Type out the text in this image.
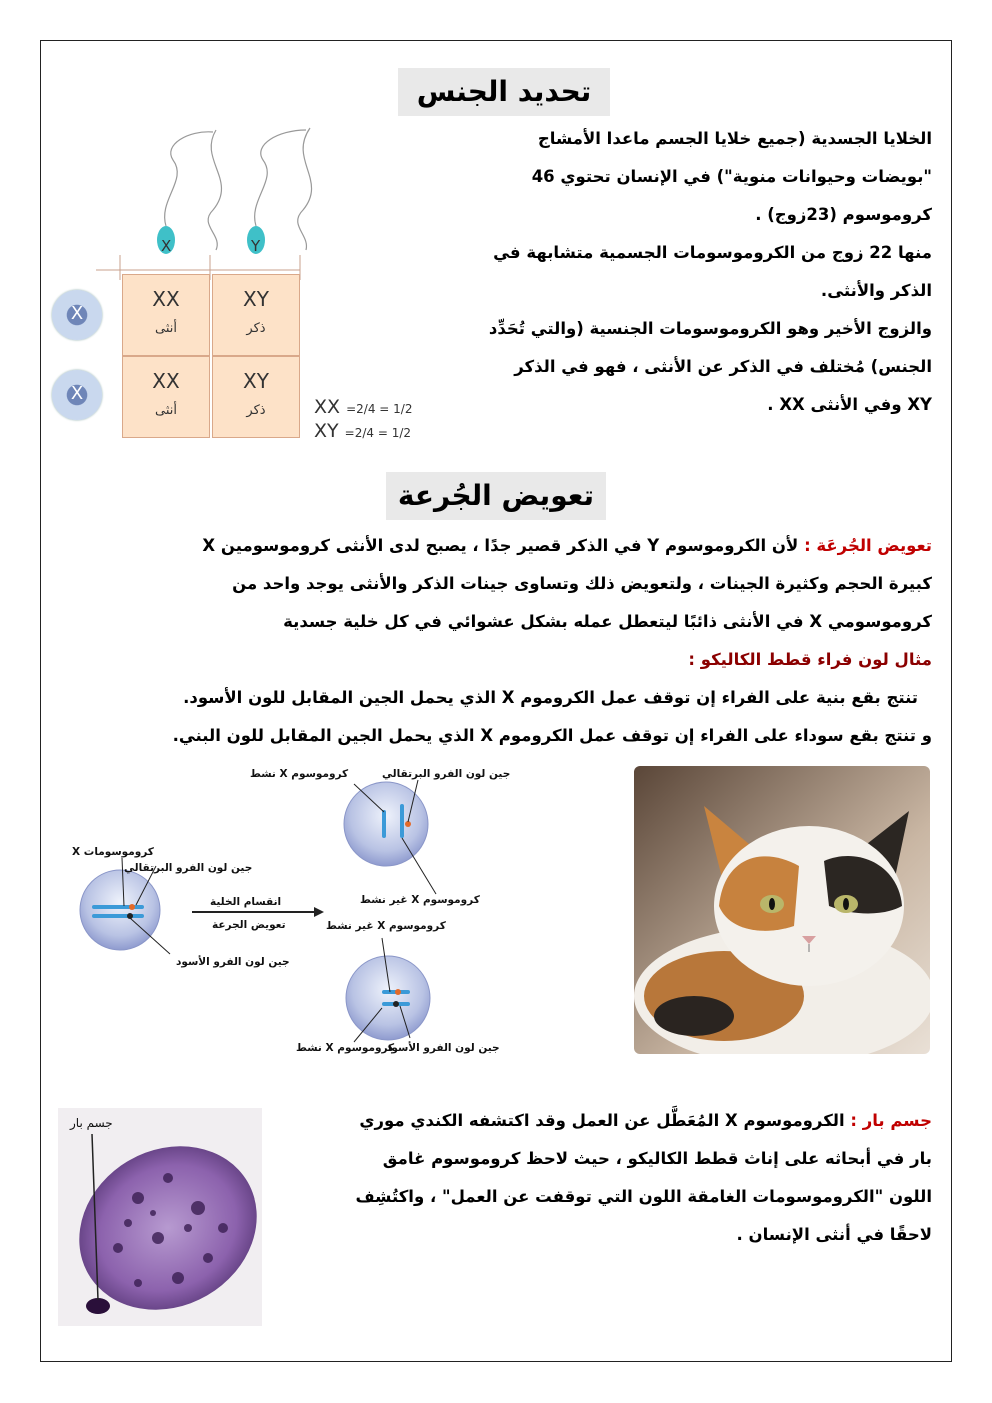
تحديد الجنس

الخلايا الجسدية (جميع خلايا الجسم ماعدا الأمشاج

"بويضات وحيوانات منوية") في الإنسان تحتوي 46

كروموسوم (23زوج) .

منها 22 زوج من الكروموسومات الجسمية متشابهة في

الذكر والأنثى.

والزوج الأخير وهو الكروموسومات الجنسية (والتي تُحَدِّد

الجنس) مُختلف في الذكر عن الأنثى ، فهو في الذكر

XY وفي الأنثى XX .

X	Y
XX
أنثى
XY
ذكر
XX
أنثى
XY
ذكر
X
X
XX =2/4 = 1/2
XY =2/4 = 1/2
تعويض الجُرعة

تعويض الجُرعَة : لأن الكروموسوم Y في الذكر قصير جدًا ، يصبح لدى الأنثى كروموسومين X

كبيرة الحجم وكثيرة الجينات ، ولتعويض ذلك وتساوى جينات الذكر والأنثى يوجد واحد من

كروموسومي X في الأنثى ذائبًا ليتعطل عمله بشكل عشوائي في كل خلية جسدية

مثال لون فراء قطط الكاليكو :

تنتج بقع بنية على الفراء إن توقف عمل الكروموم X الذي يحمل الجين المقابل للون الأسود.

و تنتج بقع سوداء على الفراء إن توقف عمل الكروموم X الذي يحمل الجين المقابل للون البني.

كروموسومات X
جين لون الفرو البرتقالي
جين لون الفرو الأسود
انقسام الخلية
تعويض الجرعة
كروموسوم X نشط	جين لون الفرو البرتقالي
كروموسوم X غير نشط
كروموسوم X غير نشط
جين لون الفرو الأسود
كروموسوم X نشط

جسم بار : الكروموسوم X المُعَطَّل عن العمل وقد اكتشفه الكندي موري

بار في أبحاثه على إناث قطط الكاليكو ، حيث لاحظ كروموسوم غامق

اللون "الكروموسومات الغامقة اللون التي توقفت عن العمل" ، واكتُشِف

لاحقًا في أنثى الإنسان .

جسم بار
